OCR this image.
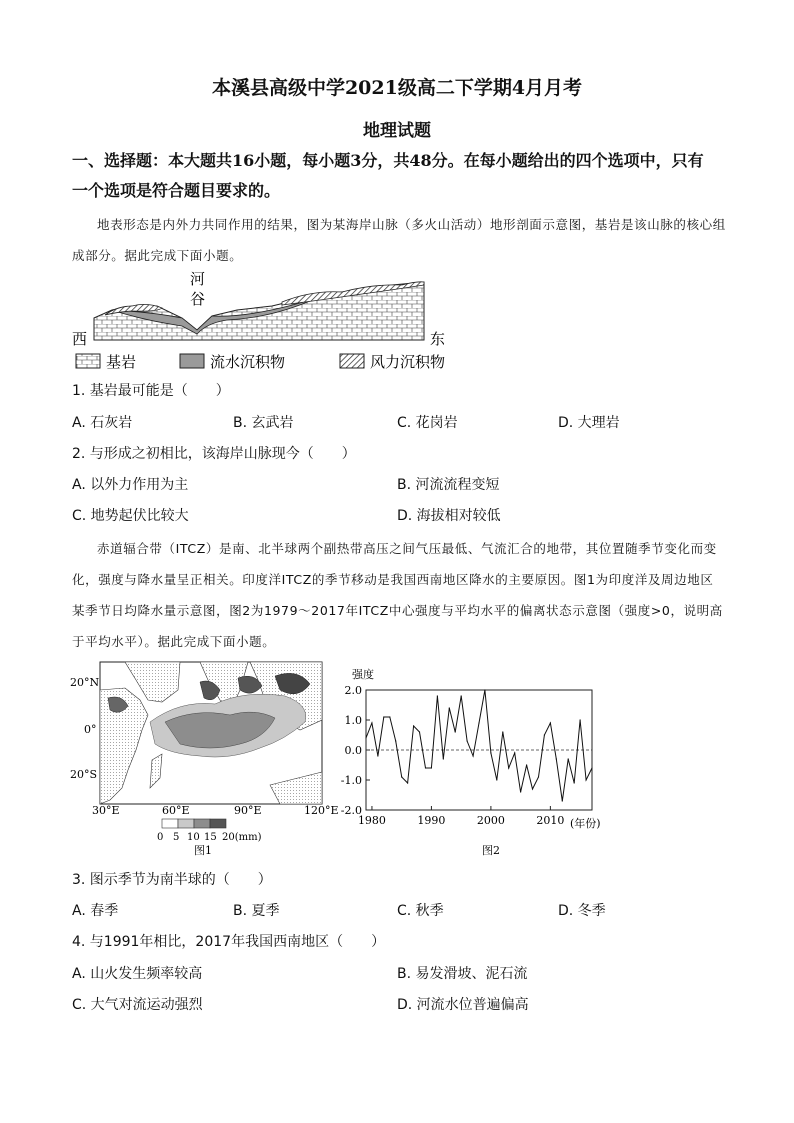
本溪县高级中学2021级高二下学期4月月考
地理试题
一、选择题：本大题共16小题，每小题3分，共48分。在每小题给出的四个选项中，只有
一个选项是符合题目要求的。
地表形态是内外力共同作用的结果，图为某海岸山脉（多火山活动）地形剖面示意图，基岩是该山脉的核心组成部分。据此完成下面小题。
河
谷
西	东
基岩	流水沉积物	风力沉积物
1. 基岩最可能是（　　）
A. 石灰岩	B. 玄武岩	C. 花岗岩	D. 大理岩
2. 与形成之初相比，该海岸山脉现今（　　）
A. 以外力作用为主	B. 河流流程变短
C. 地势起伏比较大	D. 海拔相对较低
赤道辐合带（ITCZ）是南、北半球两个副热带高压之间气压最低、气流汇合的地带，其位置随季节变化而变化，强度与降水量呈正相关。印度洋ITCZ的季节移动是我国西南地区降水的主要原因。图1为印度洋及周边地区某季节日均降水量示意图，图2为1979～2017年ITCZ中心强度与平均水平的偏离状态示意图（强度>0，说明高于平均水平）。据此完成下面小题。
20°N
0°
20°S
30°E	60°E	90°E	120°E
0 5 10 15 20(mm)
图1
强度
2.0
1.0
0.0
-1.0
-2.0
1980	1990	2000	2010 (年份)
图2
3. 图示季节为南半球的（　　）
A. 春季	B. 夏季	C. 秋季	D. 冬季
4. 与1991年相比，2017年我国西南地区（　　）
A. 山火发生频率较高	B. 易发滑坡、泥石流
C. 大气对流运动强烈	D. 河流水位普遍偏高
